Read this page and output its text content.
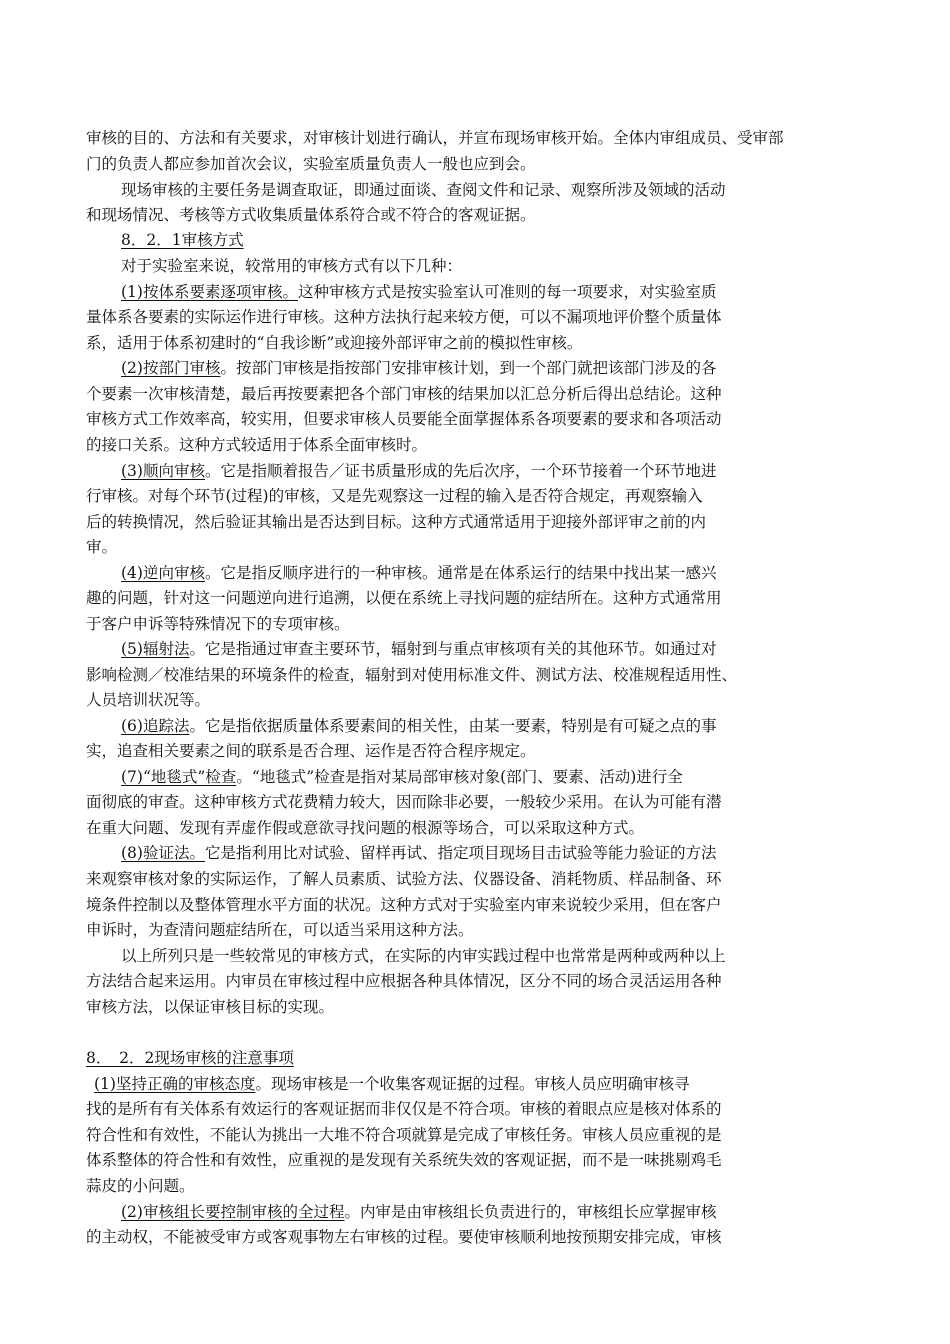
审核的目的、方法和有关要求，对审核计划进行确认，并宣布现场审核开始。全体内审组成员、受审部
门的负责人都应参加首次会议，实验室质量负责人一般也应到会。
现场审核的主要任务是调查取证，即通过面谈、查阅文件和记录、观察所涉及领域的活动
和现场情况、考核等方式收集质量体系符合或不符合的客观证据。
8．2．1审核方式
对于实验室来说，较常用的审核方式有以下几种：
(1)按体系要素逐项审核。这种审核方式是按实验室认可准则的每一项要求，对实验室质
量体系各要素的实际运作进行审核。这种方法执行起来较方便，可以不漏项地评价整个质量体
系，适用于体系初建时的“自我诊断”或迎接外部评审之前的模拟性审核。
(2)按部门审核。按部门审核是指按部门安排审核计划，到一个部门就把该部门涉及的各
个要素一次审核清楚，最后再按要素把各个部门审核的结果加以汇总分析后得出总结论。这种
审核方式工作效率高，较实用，但要求审核人员要能全面掌握体系各项要素的要求和各项活动
的接口关系。这种方式较适用于体系全面审核时。
(3)顺向审核。它是指顺着报告／证书质量形成的先后次序，一个环节接着一个环节地进
行审核。对每个环节(过程)的审核，又是先观察这一过程的输入是否符合规定，再观察输入
后的转换情况，然后验证其输出是否达到目标。这种方式通常适用于迎接外部评审之前的内
审。
(4)逆向审核。它是指反顺序进行的一种审核。通常是在体系运行的结果中找出某一感兴
趣的问题，针对这一问题逆向进行追溯，以便在系统上寻找问题的症结所在。这种方式通常用
于客户申诉等特殊情况下的专项审核。
(5)辐射法。它是指通过审查主要环节，辐射到与重点审核项有关的其他环节。如通过对
影响检测／校准结果的环境条件的检查，辐射到对使用标准文件、测试方法、校准规程适用性、
人员培训状况等。
(6)追踪法。它是指依据质量体系要素间的相关性，由某一要素，特别是有可疑之点的事
实，追查相关要素之间的联系是否合理、运作是否符合程序规定。
(7)“地毯式”检查。“地毯式”检查是指对某局部审核对象(部门、要素、活动)进行全
面彻底的审查。这种审核方式花费精力较大，因而除非必要，一般较少采用。在认为可能有潜
在重大问题、发现有弄虚作假或意欲寻找问题的根源等场合，可以采取这种方式。
(8)验证法。它是指利用比对试验、留样再试、指定项目现场目击试验等能力验证的方法
来观察审核对象的实际运作，了解人员素质、试验方法、仪器设备、消耗物质、样品制备、环
境条件控制以及整体管理水平方面的状况。这种方式对于实验室内审来说较少采用，但在客户
申诉时，为查清问题症结所在，可以适当采用这种方法。
以上所列只是一些较常见的审核方式，在实际的内审实践过程中也常常是两种或两种以上
方法结合起来运用。内审员在审核过程中应根据各种具体情况，区分不同的场合灵活运用各种
审核方法，以保证审核目标的实现。
8．　2．2现场审核的注意事项
(1)坚持正确的审核态度。现场审核是一个收集客观证据的过程。审核人员应明确审核寻
找的是所有有关体系有效运行的客观证据而非仅仅是不符合项。审核的着眼点应是核对体系的
符合性和有效性，不能认为挑出一大堆不符合项就算是完成了审核任务。审核人员应重视的是
体系整体的符合性和有效性，应重视的是发现有关系统失效的客观证据，而不是一味挑剔鸡毛
蒜皮的小问题。
(2)审核组长要控制审核的全过程。内审是由审核组长负责进行的，审核组长应掌握审核
的主动权，不能被受审方或客观事物左右审核的过程。要使审核顺利地按预期安排完成，审核
